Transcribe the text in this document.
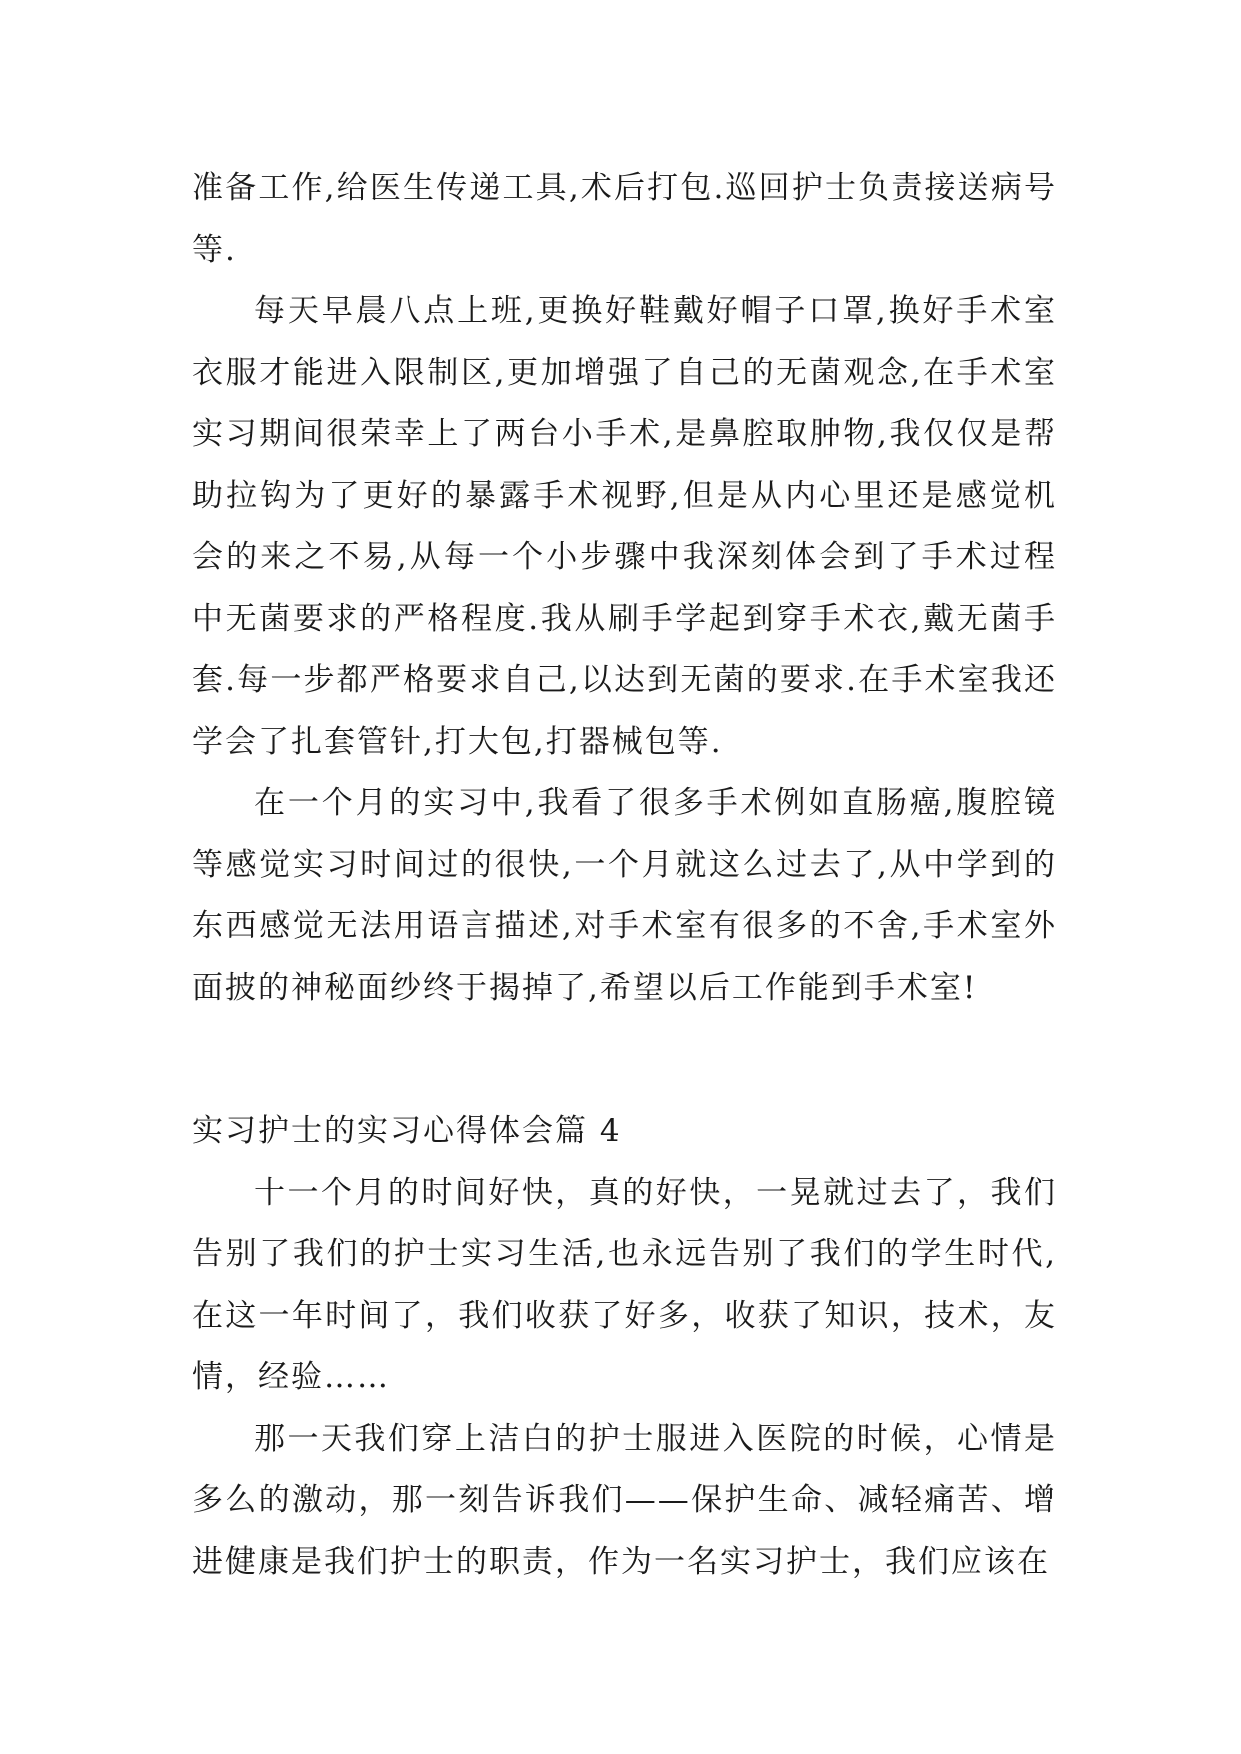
准备工作,给医生传递工具,术后打包.巡回护士负责接送病号等.

每天早晨八点上班,更换好鞋戴好帽子口罩,换好手术室衣服才能进入限制区,更加增强了自己的无菌观念,在手术室实习期间很荣幸上了两台小手术,是鼻腔取肿物,我仅仅是帮助拉钩为了更好的暴露手术视野,但是从内心里还是感觉机会的来之不易,从每一个小步骤中我深刻体会到了手术过程中无菌要求的严格程度.我从刷手学起到穿手术衣,戴无菌手套.每一步都严格要求自己,以达到无菌的要求.在手术室我还学会了扎套管针,打大包,打器械包等.

在一个月的实习中,我看了很多手术例如直肠癌,腹腔镜等感觉实习时间过的很快,一个月就这么过去了,从中学到的东西感觉无法用语言描述,对手术室有很多的不舍,手术室外面披的神秘面纱终于揭掉了,希望以后工作能到手术室!

实习护士的实习心得体会篇 4

十一个月的时间好快，真的好快，一晃就过去了，我们告别了我们的护士实习生活,也永远告别了我们的学生时代,在这一年时间了，我们收获了好多，收获了知识，技术，友情，经验……

那一天我们穿上洁白的护士服进入医院的时候，心情是多么的激动，那一刻告诉我们——保护生命、减轻痛苦、增进健康是我们护士的职责，作为一名实习护士，我们应该在
